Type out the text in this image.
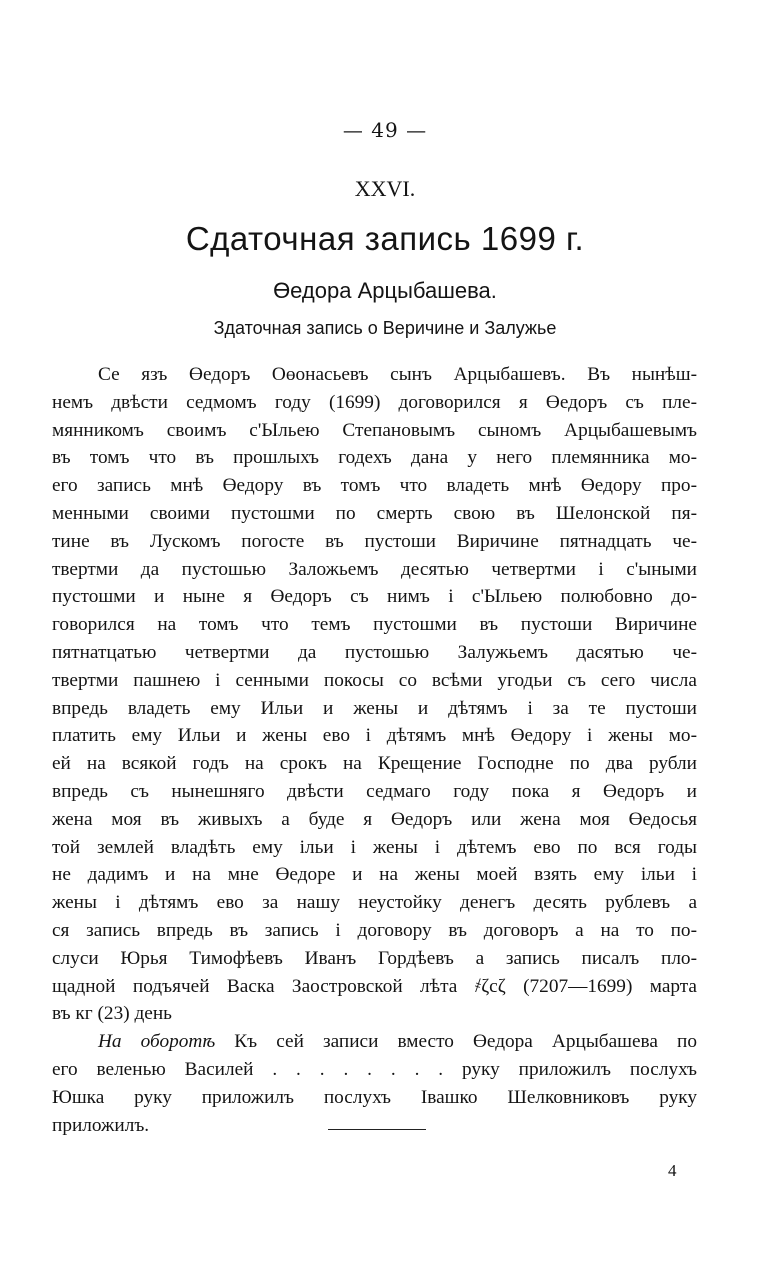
— 49 —
XXVI.
Сдаточная запись 1699 г.
Өедора Арцыбашева.
Здаточная запись о Веричине и Залужье
Се язъ Өедоръ Оөонасьевъ сынъ Арцыбашевъ. Въ нынѣш-
немъ двѣсти седмомъ году (1699) договорился я Өедоръ съ пле-
мянникомъ своимъ с'Ыльею Степановымъ сыномъ Арцыбашевымъ
въ томъ что въ прошлыхъ годехъ дана у него племянника мо-
его запись мнѣ Өедору въ томъ что владеть мнѣ Өедору про-
менными своими пустошми по смерть свою въ Шелонской пя-
тине въ Лускомъ погосте въ пустоши Виричине пятнадцать че-
твертми да пустошью Заложьемъ десятью четвертми і с'ыными
пустошми и ныне я Өедоръ съ нимъ і с'Ыльею полюбовно до-
говорился на томъ что темъ пустошми въ пустоши Виричине
пятнатцатью четвертми да пустошью Залужьемъ дасятью че-
твертми пашнею і сенными покосы со всѣми угодьи съ сего числа
впредь владеть ему Ильи и жены и дѣтямъ і за те пустоши
платить ему Ильи и жены ево і дѣтямъ мнѣ Өедору і жены мо-
ей на всякой годъ на срокъ на Крещение Господне по два рубли
впредь съ нынешняго двѣсти седмаго году пока я Өедоръ и
жена моя въ живыхъ а буде я Өедоръ или жена моя Өедосья
той землей владѣть ему ільи і жены і дѣтемъ ево по вся годы
не дадимъ и на мне Өедоре и на жены моей взять ему ільи і
жены і дѣтямъ ево за нашу неустойку денегъ десять рублевъ а
ся запись впредь въ запись і договору въ договоръ а на то по-
слуси Юрья Тимофѣевъ Иванъ Гордѣевъ а запись писалъ пло-
щадной подъячей Васка Заостровской лѣта ҂ζсζ (7207—1699) марта
въ кг (23) день
На оборотѣ Къ сей записи вместо Өедора Арцыбашева по
его веленью Василей . . . . . . . . руку приложилъ послухъ
Юшка руку приложилъ послухъ Івашко Шелковниковъ руку
приложилъ.
4
